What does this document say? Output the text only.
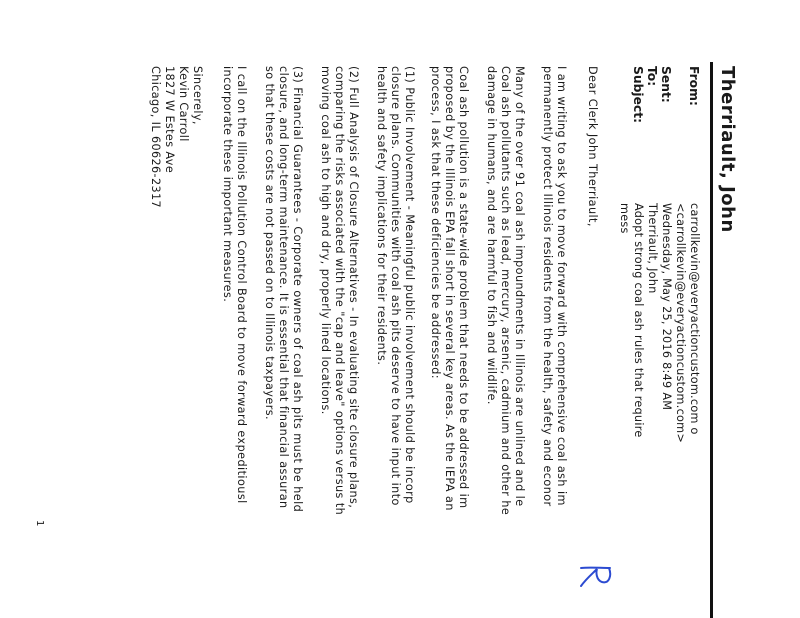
Therriault, John
From:
carrollkevin@everyactioncustom.com o
<carrollkevin@everyactioncustom.com>
Sent:
Wednesday, May 25, 2016 8:49 AM
To:
Therriault, John
Subject:
Adopt strong coal ash rules that require
mess
Dear Clerk John Therriault,
I am writing to ask you to move forward with comprehensive coal ash im
permanently protect Illinois residents from the health, safety and econor
Many of the over 91 coal ash impoundments in Illinois are unlined and le
Coal ash pollutants such as lead, mercury, arsenic, cadmium and other he
damage in humans, and are harmful to fish and wildlife.
Coal ash pollution is a state-wide problem that needs to be addressed im
proposed by the Illinois EPA fall short in several key areas. As the IEPA an
process, I ask that these deficiencies be addressed:
(1) Public Involvement - Meaningful public involvement should be incorp
closure plans. Communities with coal ash pits deserve to have input into
health and safety implications for their residents.
(2) Full Analysis of Closure Alternatives - In evaluating site closure plans,
comparing the risks associated with the "cap and leave" options versus th
moving coal ash to high and dry, properly lined locations.
(3) Financial Guarantees - Corporate owners of coal ash pits must be held
closure, and long-term maintenance. It is essential that financial assuran
so that these costs are not passed on to Illinois taxpayers.
I call on the Illinois Pollution Control Board to move forward expeditiousl
incorporate these important measures.
Sincerely,
Kevin Carroll
1827 W Estes Ave
Chicago, IL 60626-2317
1
